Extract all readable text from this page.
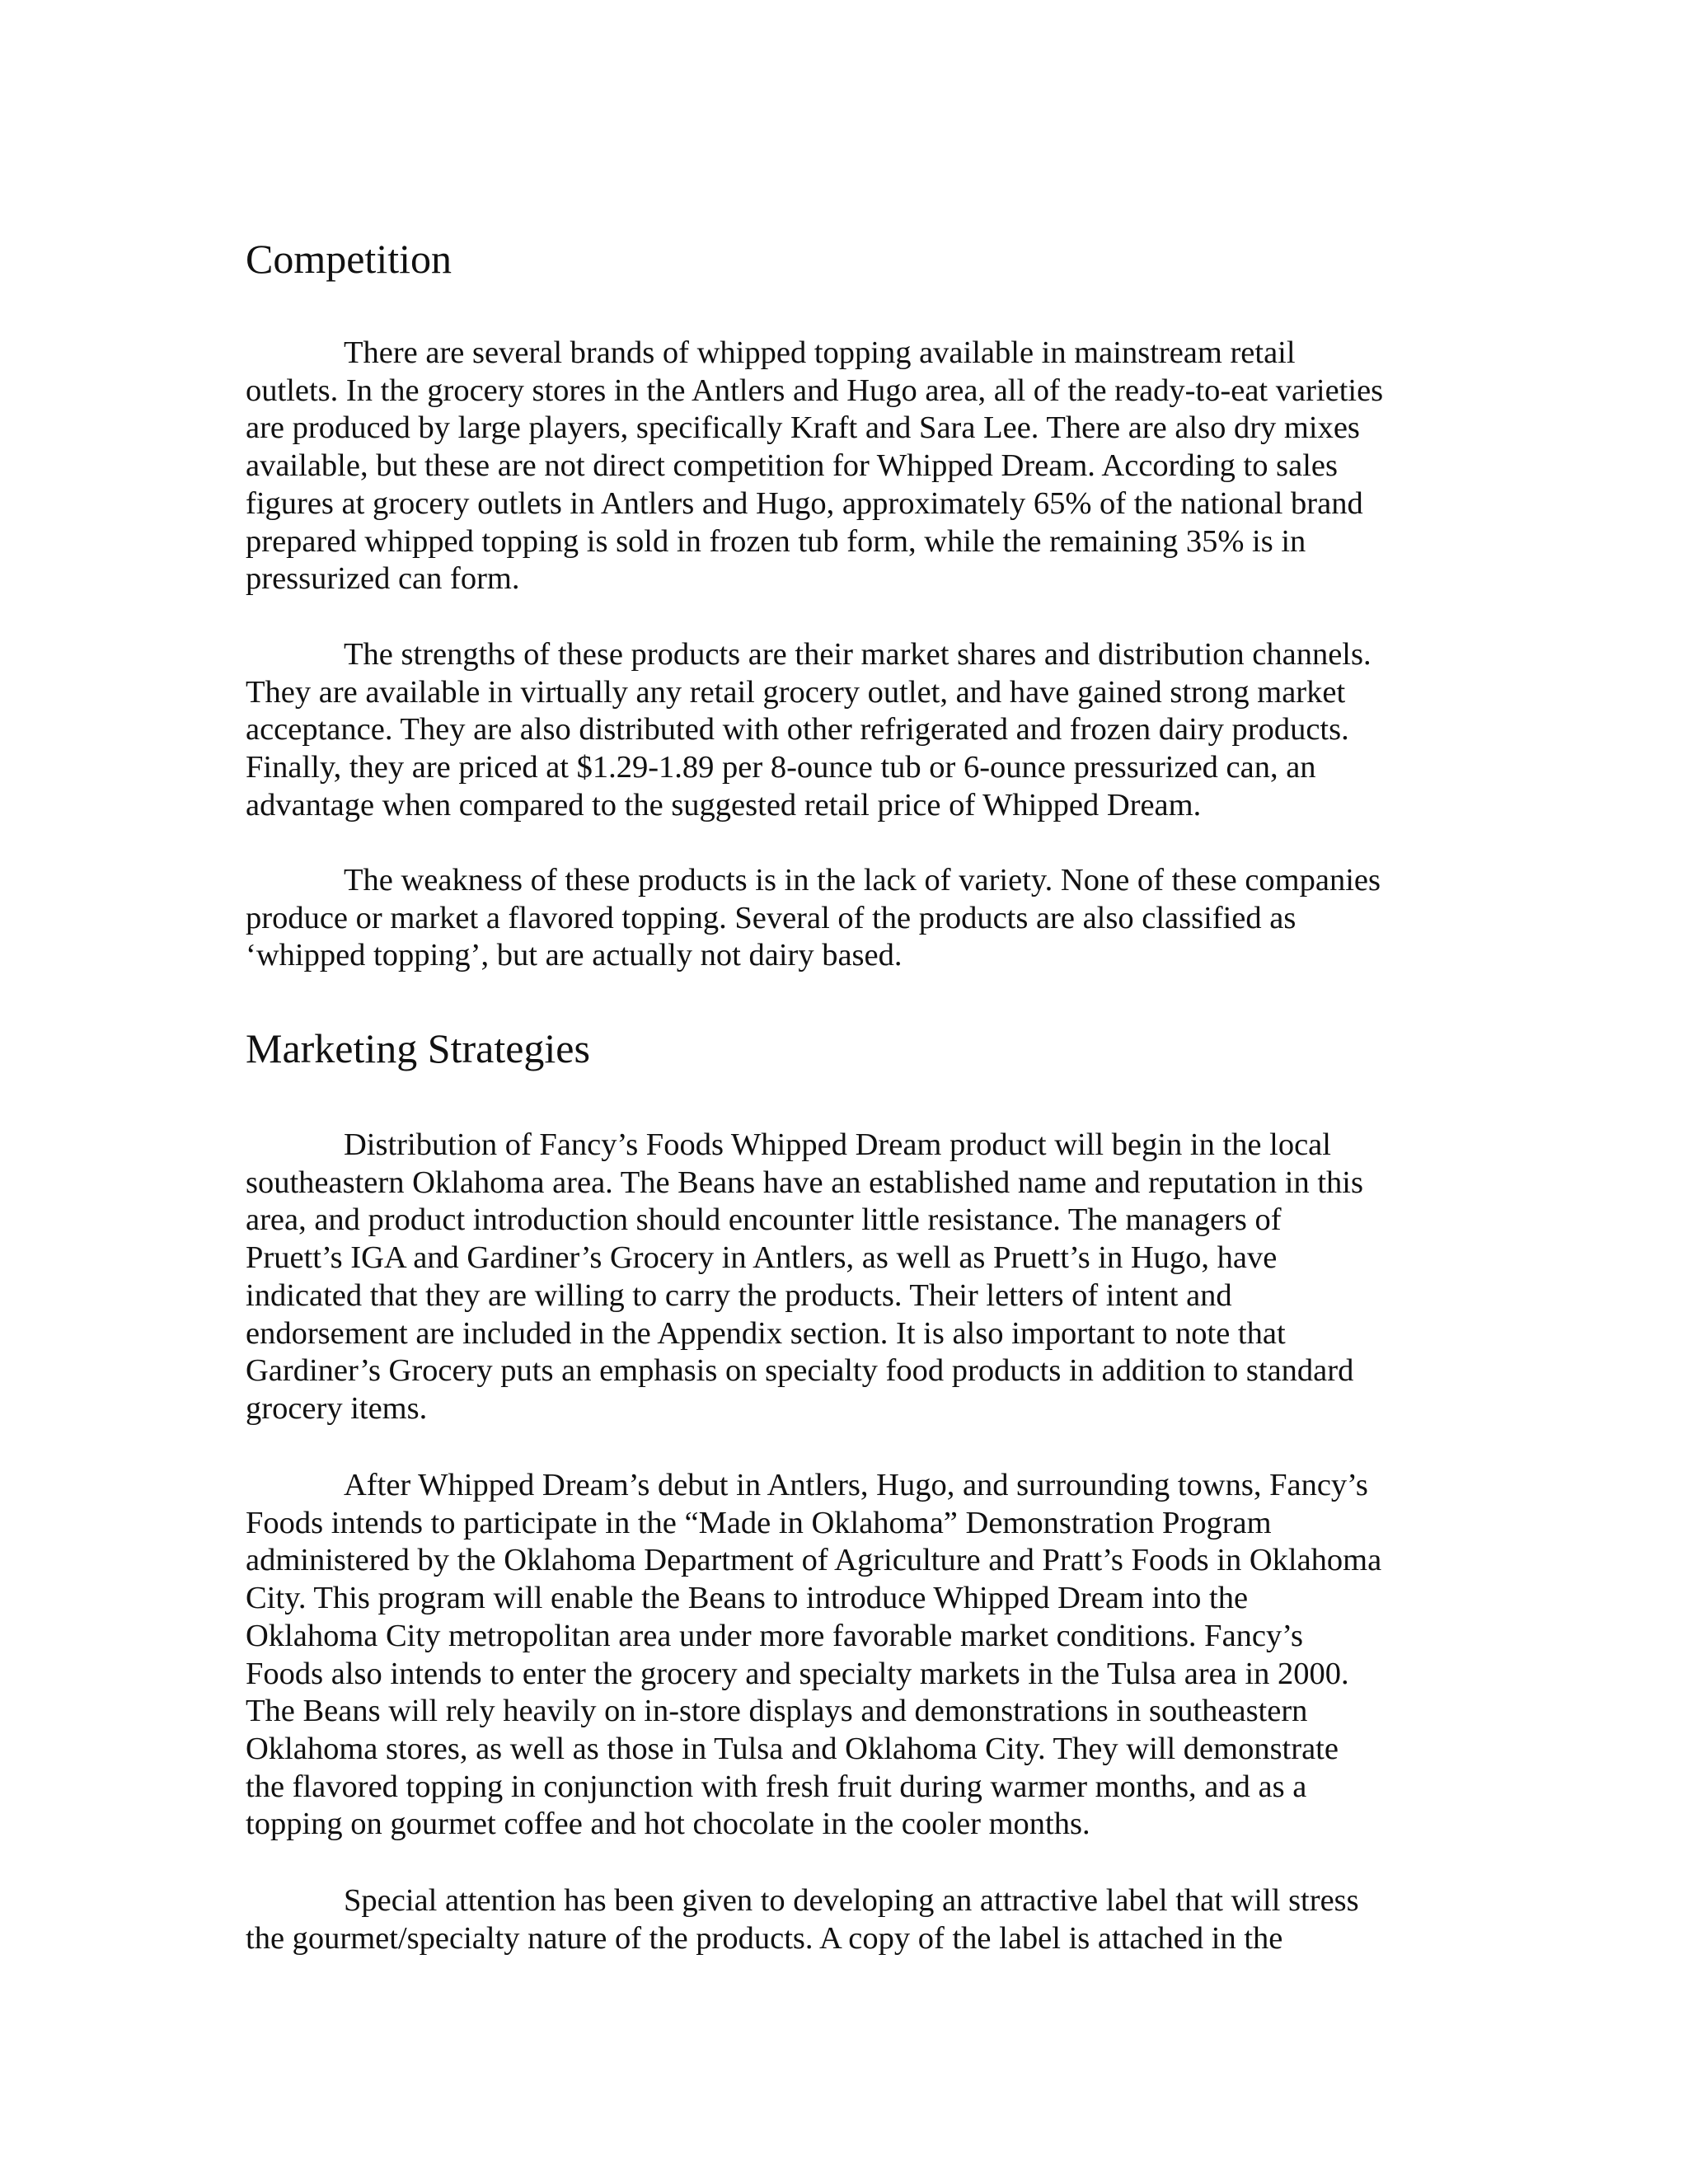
Competition
There are several brands of whipped topping available in mainstream retail
outlets. In the grocery stores in the Antlers and Hugo area, all of the ready-to-eat varieties
are produced by large players, specifically Kraft and Sara Lee. There are also dry mixes
available, but these are not direct competition for Whipped Dream. According to sales
figures at grocery outlets in Antlers and Hugo, approximately 65% of the national brand
prepared whipped topping is sold in frozen tub form, while the remaining 35% is in
pressurized can form.
The strengths of these products are their market shares and distribution channels.
They are available in virtually any retail grocery outlet, and have gained strong market
acceptance. They are also distributed with other refrigerated and frozen dairy products.
Finally, they are priced at $1.29-1.89 per 8-ounce tub or 6-ounce pressurized can, an
advantage when compared to the suggested retail price of Whipped Dream.
The weakness of these products is in the lack of variety. None of these companies
produce or market a flavored topping. Several of the products are also classified as
‘whipped topping’, but are actually not dairy based.
Marketing Strategies
Distribution of Fancy’s Foods Whipped Dream product will begin in the local
southeastern Oklahoma area. The Beans have an established name and reputation in this
area, and product introduction should encounter little resistance. The managers of
Pruett’s IGA and Gardiner’s Grocery in Antlers, as well as Pruett’s in Hugo, have
indicated that they are willing to carry the products. Their letters of intent and
endorsement are included in the Appendix section. It is also important to note that
Gardiner’s Grocery puts an emphasis on specialty food products in addition to standard
grocery items.
After Whipped Dream’s debut in Antlers, Hugo, and surrounding towns, Fancy’s
Foods intends to participate in the “Made in Oklahoma” Demonstration Program
administered by the Oklahoma Department of Agriculture and Pratt’s Foods in Oklahoma
City. This program will enable the Beans to introduce Whipped Dream into the
Oklahoma City metropolitan area under more favorable market conditions. Fancy’s
Foods also intends to enter the grocery and specialty markets in the Tulsa area in 2000.
The Beans will rely heavily on in-store displays and demonstrations in southeastern
Oklahoma stores, as well as those in Tulsa and Oklahoma City. They will demonstrate
the flavored topping in conjunction with fresh fruit during warmer months, and as a
topping on gourmet coffee and hot chocolate in the cooler months.
Special attention has been given to developing an attractive label that will stress
the gourmet/specialty nature of the products. A copy of the label is attached in the
